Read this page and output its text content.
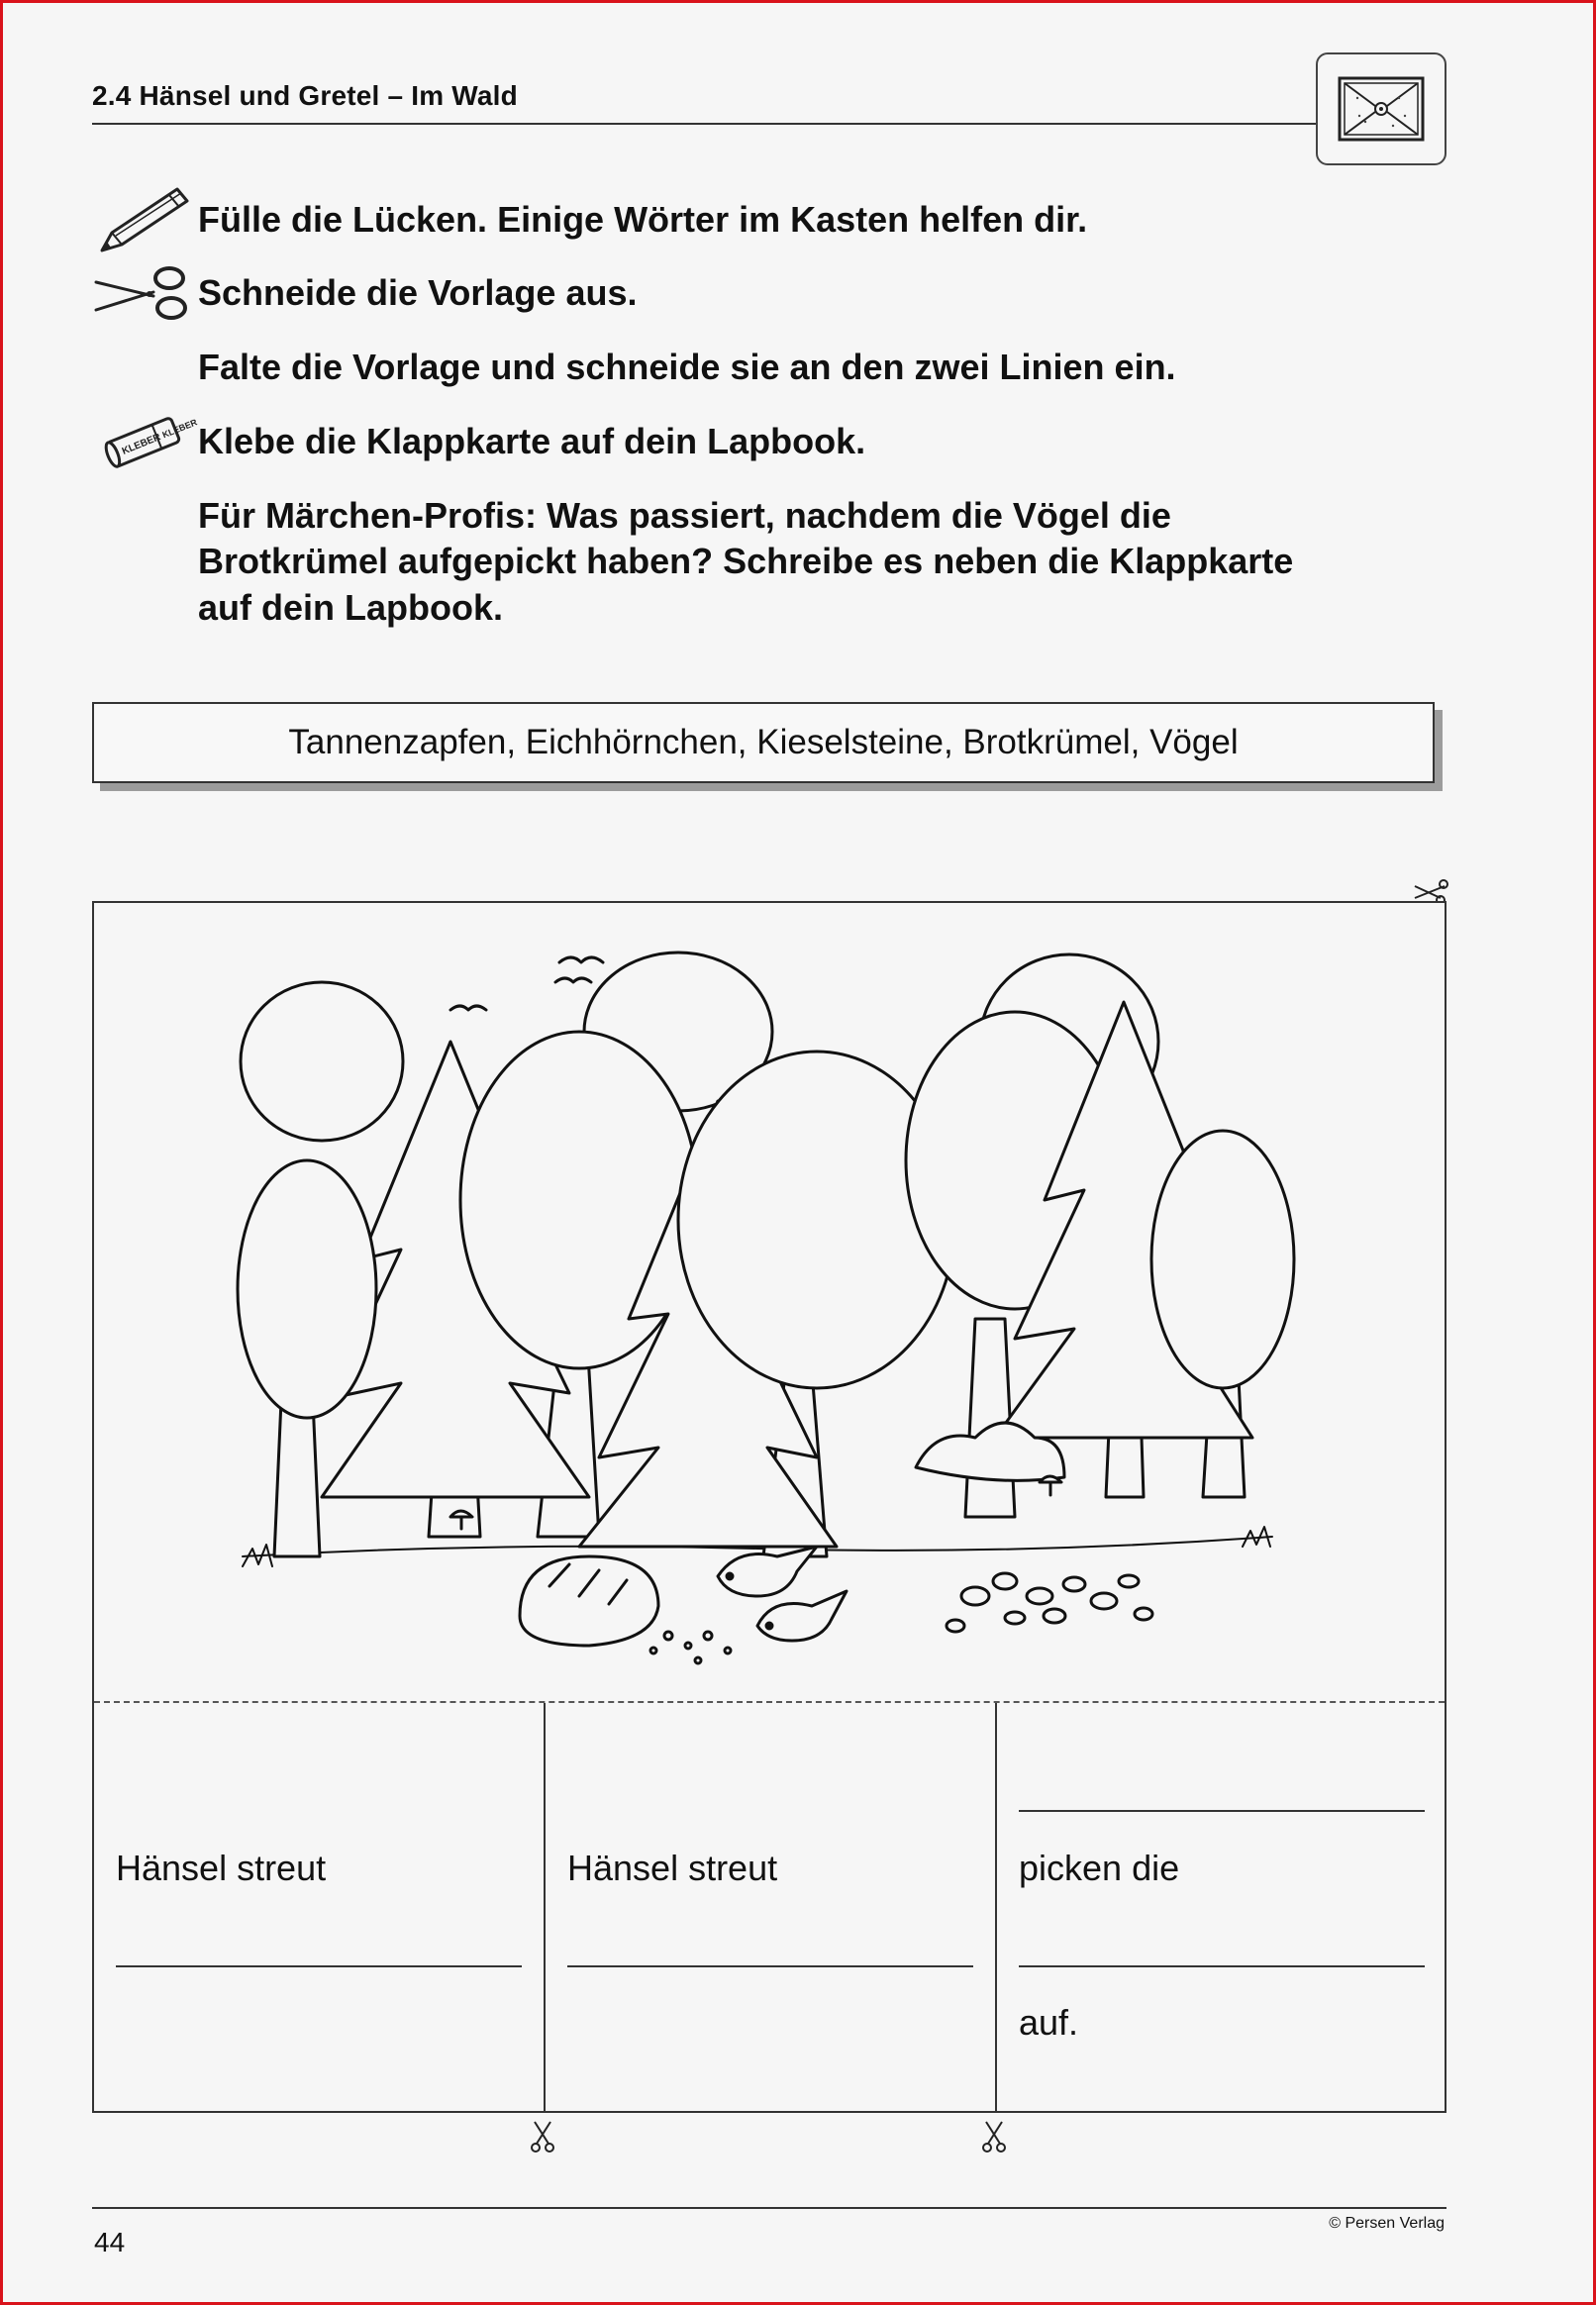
2.4 Hänsel und Gretel – Im Wald
Fülle die Lücken. Einige Wörter im Kasten helfen dir.
Schneide die Vorlage aus.
Falte die Vorlage und schneide sie an den zwei Linien ein.
KLEBER
KLEBER Klebe die Klappkarte auf dein Lapbook.
Für Märchen-Profis: Was passiert, nachdem die Vögel die
Brotkrümel aufgepickt haben? Schreibe es neben die Klappkarte
auf dein Lapbook.
Tannenzapfen, Eichhörnchen, Kieselsteine, Brotkrümel, Vögel
Hänsel streut	Hänsel streut	picken die
auf.
44
© Persen Verlag
